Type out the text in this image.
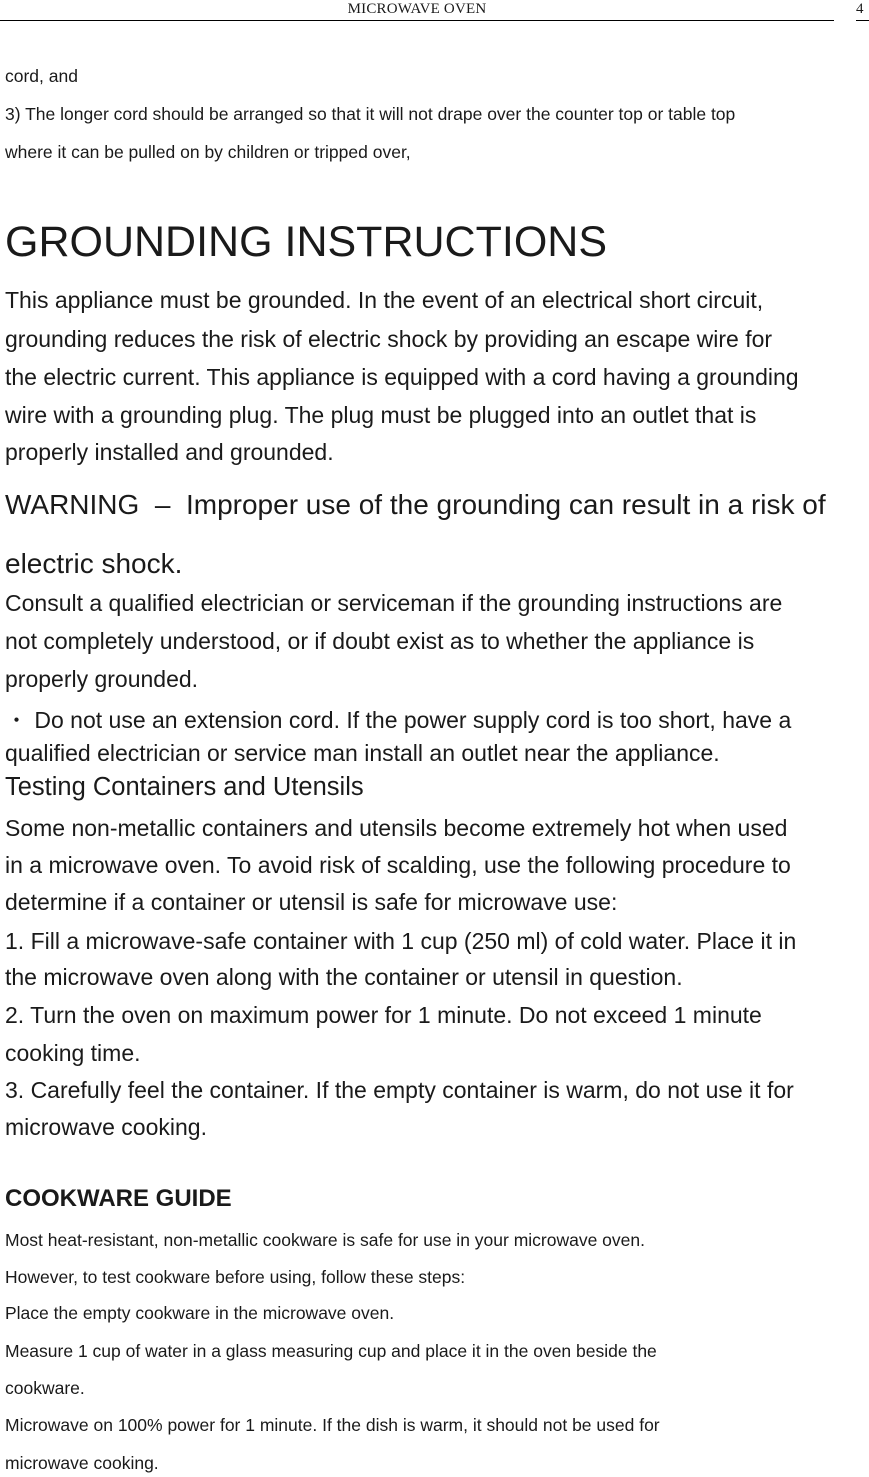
MICROWAVE OVEN	4
cord, and
3) The longer cord should be arranged so that it will not drape over the counter top or table top
where it can be pulled on by children or tripped over,
GROUNDING INSTRUCTIONS
This appliance must be grounded. In the event of an electrical short circuit,
grounding reduces the risk of electric shock by providing an escape wire for
the electric current. This appliance is equipped with a cord having a grounding
wire with a grounding plug. The plug must be plugged into an outlet that is
properly installed and grounded.
WARNING  –  Improper use of the grounding can result in a risk of
electric shock.
Consult a qualified electrician or serviceman if the grounding instructions are
not completely understood, or if doubt exist as to whether the appliance is
properly grounded.
・ Do not use an extension cord. If the power supply cord is too short, have a
qualified electrician or service man install an outlet near the appliance.
Testing Containers and Utensils
Some non-metallic containers and utensils become extremely hot when used
in a microwave oven. To avoid risk of scalding, use the following procedure to
determine if a container or utensil is safe for microwave use:
1. Fill a microwave-safe container with 1 cup (250 ml) of cold water. Place it in
the microwave oven along with the container or utensil in question.
2. Turn the oven on maximum power for 1 minute. Do not exceed 1 minute
cooking time.
3. Carefully feel the container. If the empty container is warm, do not use it for
microwave cooking.
COOKWARE GUIDE
Most heat-resistant, non-metallic cookware is safe for use in your microwave oven.
However, to test cookware before using, follow these steps:
Place the empty cookware in the microwave oven.
Measure 1 cup of water in a glass measuring cup and place it in the oven beside the
cookware.
Microwave on 100% power for 1 minute. If the dish is warm, it should not be used for
microwave cooking.
